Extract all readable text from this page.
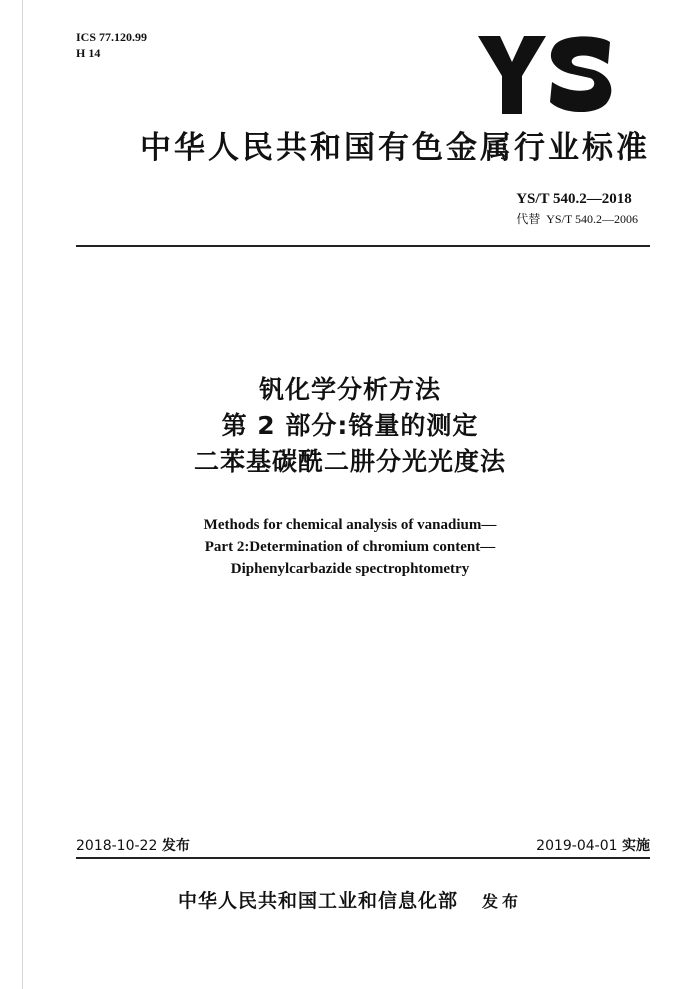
ICS 77.120.99
H 14
中华人民共和国有色金属行业标准
YS/T 540.2—2018
代替 YS/T 540.2—2006
钒化学分析方法
第 2 部分:铬量的测定
二苯基碳酰二肼分光光度法
Methods for chemical analysis of vanadium—
Part 2:Determination of chromium content—
Diphenylcarbazide spectrophtometry
2018-10-22 发布	2019-04-01 实施
中华人民共和国工业和信息化部 发布
